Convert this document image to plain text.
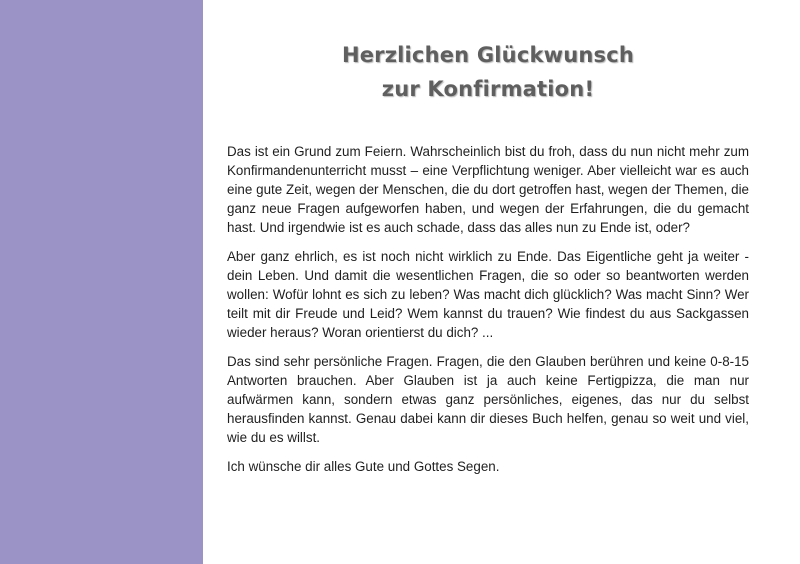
Herzlichen Glückwunsch
zur Konfirmation!

Das ist ein Grund zum Feiern. Wahrscheinlich bist du froh, dass du nun nicht mehr zum Konfirmandenunterricht musst – eine Verpflichtung weniger. Aber vielleicht war es auch eine gute Zeit, wegen der Menschen, die du dort getroffen hast, wegen der Themen, die ganz neue Fragen aufgeworfen haben, und wegen der Erfahrungen, die du gemacht hast. Und irgendwie ist es auch schade, dass das alles nun zu Ende ist, oder?

Aber ganz ehrlich, es ist noch nicht wirklich zu Ende. Das Eigentliche geht ja weiter - dein Leben. Und damit die wesentlichen Fragen, die so oder so beantworten werden wollen: Wofür lohnt es sich zu leben? Was macht dich glücklich? Was macht Sinn? Wer teilt mit dir Freude und Leid? Wem kannst du trauen? Wie findest du aus Sackgassen wieder heraus? Woran orientierst du dich? ...

Das sind sehr persönliche Fragen. Fragen, die den Glauben berühren und keine 0-8-15 Antworten brauchen. Aber Glauben ist ja auch keine Fertigpizza, die man nur aufwärmen kann, sondern etwas ganz persönliches, eigenes, das nur du selbst herausfinden kannst. Genau dabei kann dir dieses Buch helfen, genau so weit und viel, wie du es willst.

Ich wünsche dir alles Gute und Gottes Segen.
